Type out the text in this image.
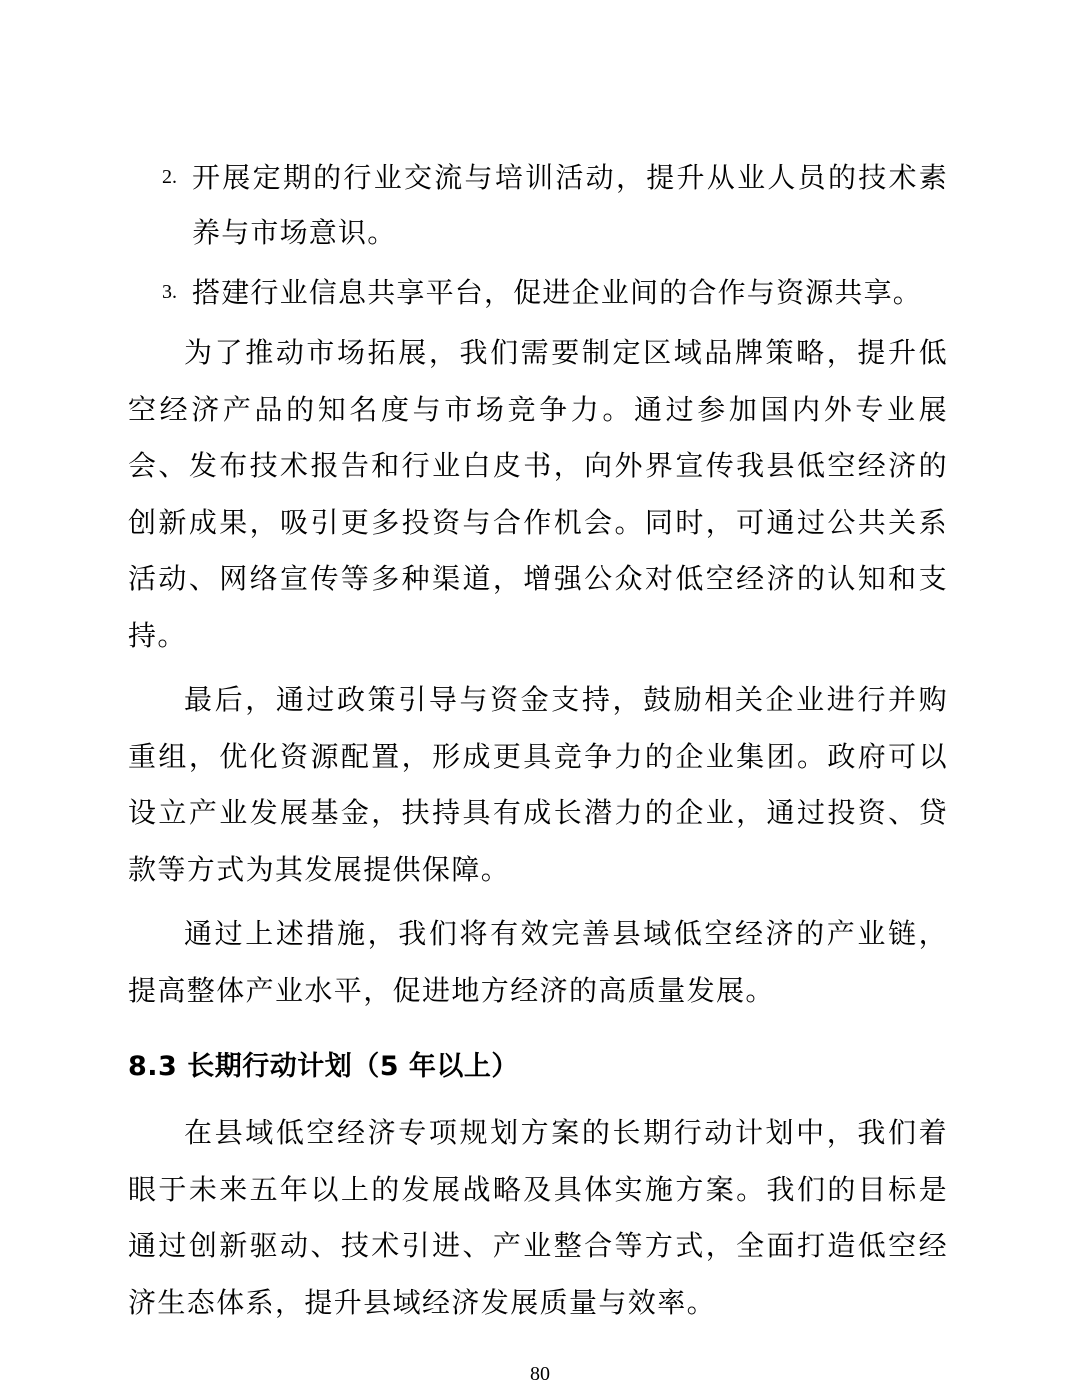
2. 开展定期的行业交流与培训活动，提升从业人员的技术素养与市场意识。
3. 搭建行业信息共享平台，促进企业间的合作与资源共享。

为了推动市场拓展，我们需要制定区域品牌策略，提升低空经济产品的知名度与市场竞争力。通过参加国内外专业展会、发布技术报告和行业白皮书，向外界宣传我县低空经济的创新成果，吸引更多投资与合作机会。同时，可通过公共关系活动、网络宣传等多种渠道，增强公众对低空经济的认知和支持。

最后，通过政策引导与资金支持，鼓励相关企业进行并购重组，优化资源配置，形成更具竞争力的企业集团。政府可以设立产业发展基金，扶持具有成长潜力的企业，通过投资、贷款等方式为其发展提供保障。

通过上述措施，我们将有效完善县域低空经济的产业链，提高整体产业水平，促进地方经济的高质量发展。

8.3 长期行动计划（5 年以上）

在县域低空经济专项规划方案的长期行动计划中，我们着眼于未来五年以上的发展战略及具体实施方案。我们的目标是通过创新驱动、技术引进、产业整合等方式，全面打造低空经济生态体系，提升县域经济发展质量与效率。

80
